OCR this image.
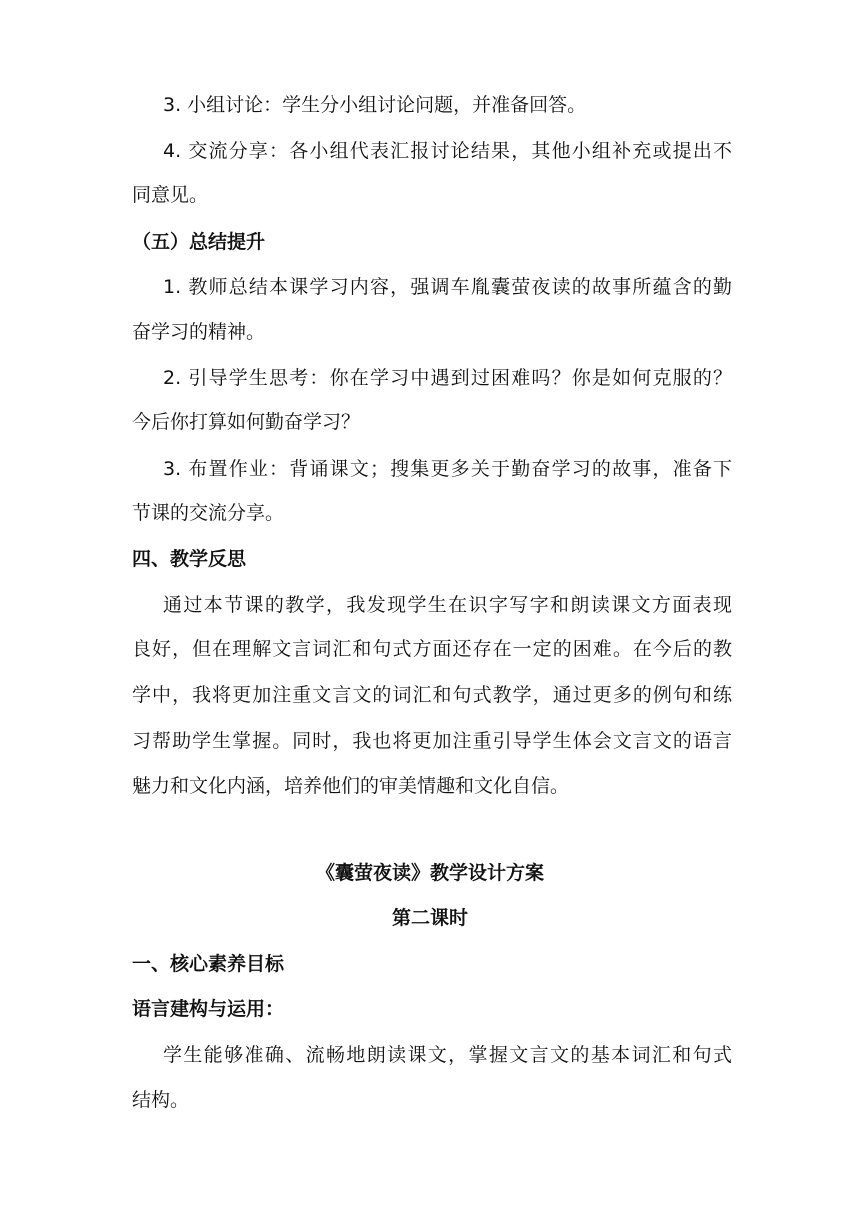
3. 小组讨论：学生分小组讨论问题，并准备回答。
4. 交流分享：各小组代表汇报讨论结果，其他小组补充或提出不
同意见。
（五）总结提升
1. 教师总结本课学习内容，强调车胤囊萤夜读的故事所蕴含的勤
奋学习的精神。
2. 引导学生思考：你在学习中遇到过困难吗？你是如何克服的？
今后你打算如何勤奋学习？
3. 布置作业：背诵课文；搜集更多关于勤奋学习的故事，准备下
节课的交流分享。
四、教学反思
通过本节课的教学，我发现学生在识字写字和朗读课文方面表现
良好，但在理解文言词汇和句式方面还存在一定的困难。在今后的教
学中，我将更加注重文言文的词汇和句式教学，通过更多的例句和练
习帮助学生掌握。同时，我也将更加注重引导学生体会文言文的语言
魅力和文化内涵，培养他们的审美情趣和文化自信。
《囊萤夜读》教学设计方案
第二课时
一、核心素养目标
语言建构与运用：
学生能够准确、流畅地朗读课文，掌握文言文的基本词汇和句式
结构。
